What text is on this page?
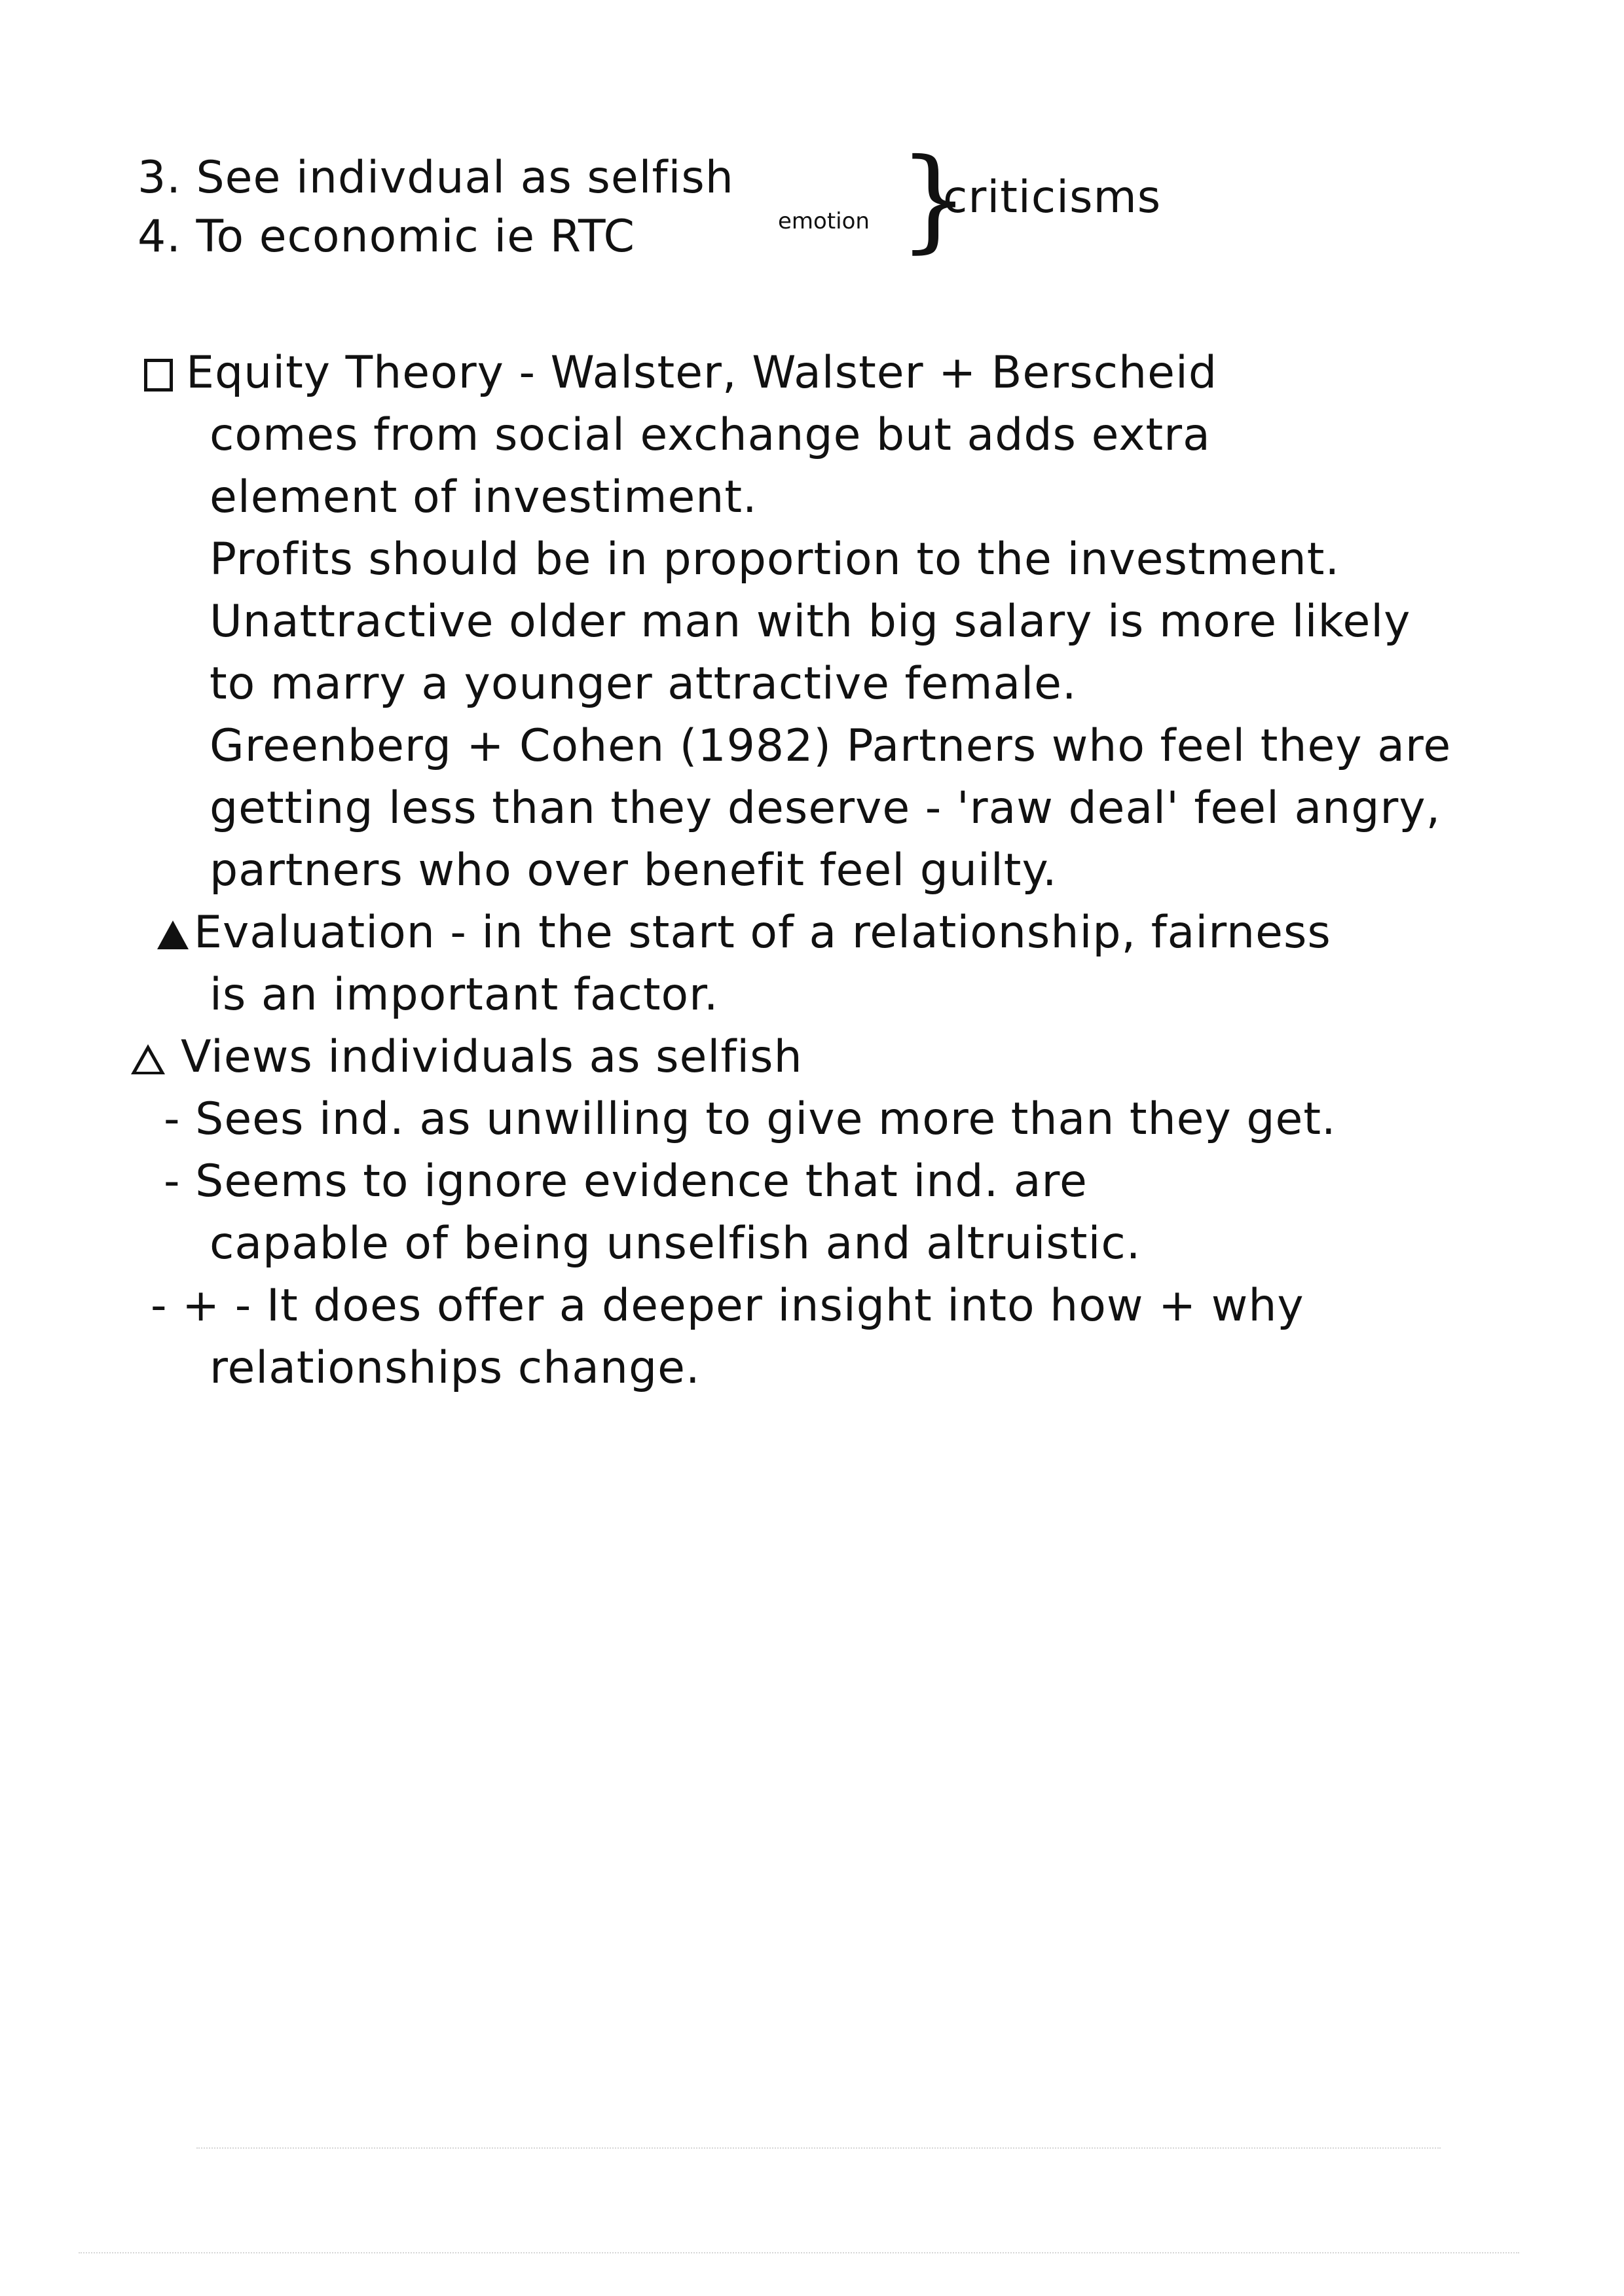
3. See indivdual as selfish
4. To economic ie RTC	emotion }
criticisms
Equity Theory - Walster, Walster + Berscheid
comes from social exchange but adds extra
element of investiment.
Profits should be in proportion to the investment.
Unattractive older man with big salary is more likely
to marry a younger attractive female.
Greenberg + Cohen (1982) Partners who feel they are
getting less than they deserve - 'raw deal' feel angry,
partners who over benefit feel guilty.
Evaluation - in the start of a relationship, fairness
is an important factor.
Views individuals as selfish
- Sees ind. as unwilling to give more than they get.
- Seems to ignore evidence that ind. are
capable of being unselfish and altruistic.
- + - It does offer a deeper insight into how + why
relationships change.
